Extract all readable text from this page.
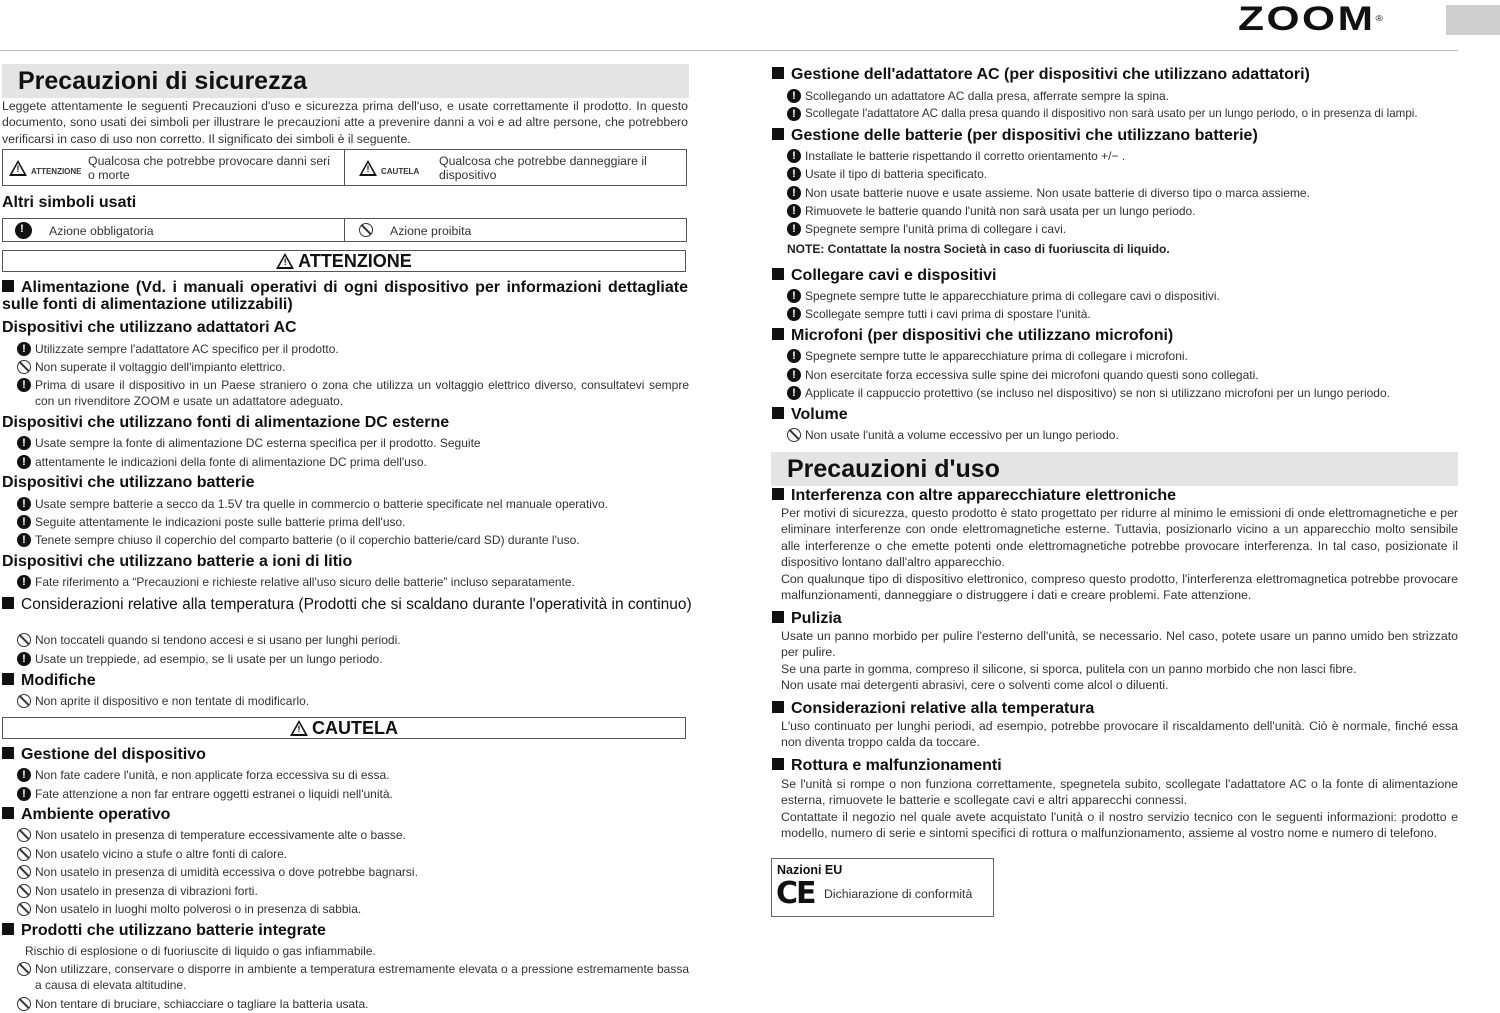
ZOOM®
Precauzioni di sicurezza
Leggete attentamente le seguenti Precauzioni d'uso e sicurezza prima dell'uso, e usate correttamente il prodotto. In questo documento, sono usati dei simboli per illustrare le precauzioni atte a prevenire danni a voi e ad altre persone, che potrebbero verificarsi in caso di uso non corretto. Il significato dei simboli è il seguente.
!ATTENZIONE
Qualcosa che potrebbe provocare danni seri o morte
!	CAUTELA
Qualcosa che potrebbe danneggiare il dispositivo
Altri simboli usati
!
Azione obbligatoria	Azione proibita
!ATTENZIONE
Alimentazione (Vd. i manuali operativi di ogni dispositivo per informazioni dettagliate sulle fonti di alimentazione utilizzabili)
Dispositivi che utilizzano adattatori AC
!
Utilizzate sempre l'adattatore AC specifico per il prodotto.
Non superate il voltaggio dell'impianto elettrico.
!
Prima di usare il dispositivo in un Paese straniero o zona che utilizza un voltaggio elettrico diverso, consultatevi sempre con un rivenditore ZOOM e usate un adattatore adeguato.
Dispositivi che utilizzano fonti di alimentazione DC esterne
!
Usate sempre la fonte di alimentazione DC esterna specifica per il prodotto. Seguite
!
attentamente le indicazioni della fonte di alimentazione DC prima dell'uso.
Dispositivi che utilizzano batterie
!
Usate sempre batterie a secco da 1.5V tra quelle in commercio o batterie specificate nel manuale operativo.
!
Seguite attentamente le indicazioni poste sulle batterie prima dell'uso.
!
Tenete sempre chiuso il coperchio del comparto batterie (o il coperchio batterie/card SD) durante l'uso.
Dispositivi che utilizzano batterie a ioni di litio
!
Fate riferimento a “Precauzioni e richieste relative all'uso sicuro delle batterie” incluso separatamente.
Considerazioni relative alla temperatura (Prodotti che si scaldano durante l'operatività in continuo)
Non toccateli quando si tendono accesi e si usano per lunghi periodi.
!
Usate un treppiede, ad esempio, se li usate per un lungo periodo.
Modifiche
Non aprite il dispositivo e non tentate di modificarlo.
!CAUTELA
Gestione del dispositivo
!
Non fate cadere l'unità, e non applicate forza eccessiva su di essa.
!
Fate attenzione a non far entrare oggetti estranei o liquidi nell'unità.
Ambiente operativo
Non usatelo in presenza di temperature eccessivamente alte o basse.
Non usatelo vicino a stufe o altre fonti di calore.
Non usatelo in presenza di umidità eccessiva o dove potrebbe bagnarsi.
Non usatelo in presenza di vibrazioni forti.
Non usatelo in luoghi molto polverosi o in presenza di sabbia.
Prodotti che utilizzano batterie integrate
Rischio di esplosione o di fuoriuscite di liquido o gas infiammabile.
Non utilizzare, conservare o disporre in ambiente a temperatura estremamente elevata o a pressione estremamente bassa a causa di elevata altitudine.
Non tentare di bruciare, schiacciare o tagliare la batteria usata.
Gestione dell'adattatore AC (per dispositivi che utilizzano adattatori)
!
Scollegando un adattatore AC dalla presa, afferrate sempre la spina.
!
Scollegate l'adattatore AC dalla presa quando il dispositivo non sarà usato per un lungo periodo, o in presenza di lampi.
Gestione delle batterie (per dispositivi che utilizzano batterie)
!
Installate le batterie rispettando il corretto orientamento +/− .
!
Usate il tipo di batteria specificato.
!
Non usate batterie nuove e usate assieme. Non usate batterie di diverso tipo o marca assieme.
!
Rimuovete le batterie quando l'unità non sarà usata per un lungo periodo.
!
Spegnete sempre l'unità prima di collegare i cavi.
NOTE: Contattate la nostra Società in caso di fuoriuscita di liquido.
Collegare cavi e dispositivi
!
Spegnete sempre tutte le apparecchiature prima di collegare cavi o dispositivi.
!
Scollegate sempre tutti i cavi prima di spostare l'unità.
Microfoni (per dispositivi che utilizzano microfoni)
!
Spegnete sempre tutte le apparecchiature prima di collegare i microfoni.
!
Non esercitate forza eccessiva sulle spine dei microfoni quando questi sono collegati.
!
Applicate il cappuccio protettivo (se incluso nel dispositivo) se non si utilizzano microfoni per un lungo periodo.
Volume
Non usate l'unità a volume eccessivo per un lungo periodo.
Precauzioni d'uso
Interferenza con altre apparecchiature elettroniche

Per motivi di sicurezza, questo prodotto è stato progettato per ridurre al minimo le emissioni di onde elettromagnetiche e per eliminare interferenze con onde elettromagnetiche esterne. Tuttavia, posizionarlo vicino a un apparecchio molto sensibile alle interferenze o che emette potenti onde elettromagnetiche potrebbe provocare interferenza. In tal caso, posizionate il dispositivo lontano dall'altro apparecchio.

Con qualunque tipo di dispositivo elettronico, compreso questo prodotto, l'interferenza elettromagnetica potrebbe provocare malfunzionamenti, danneggiare o distruggere i dati e creare problemi. Fate attenzione.

Pulizia

Usate un panno morbido per pulire l'esterno dell'unità, se necessario. Nel caso, potete usare un panno umido ben strizzato per pulire.

Se una parte in gomma, compreso il silicone, si sporca, pulitela con un panno morbido che non lasci fibre.

Non usate mai detergenti abrasivi, cere o solventi come alcol o diluenti.

Considerazioni relative alla temperatura
L'uso continuato per lunghi periodi, ad esempio, potrebbe provocare il riscaldamento dell'unità. Ciò è normale, finché essa non diventa troppo calda da toccare.
Rottura e malfunzionamenti

Se l'unità si rompe o non funziona correttamente, spegnetela subito, scollegate l'adattatore AC o la fonte di alimentazione esterna, rimuovete le batterie e scollegate cavi e altri apparecchi connessi.

Contattate il negozio nel quale avete acquistato l'unità o il nostro servizio tecnico con le seguenti informazioni: prodotto e modello, numero di serie e sintomi specifici di rottura o malfunzionamento, assieme al vostro nome e numero di telefono.

Nazioni EU
CE Dichiarazione di conformità
